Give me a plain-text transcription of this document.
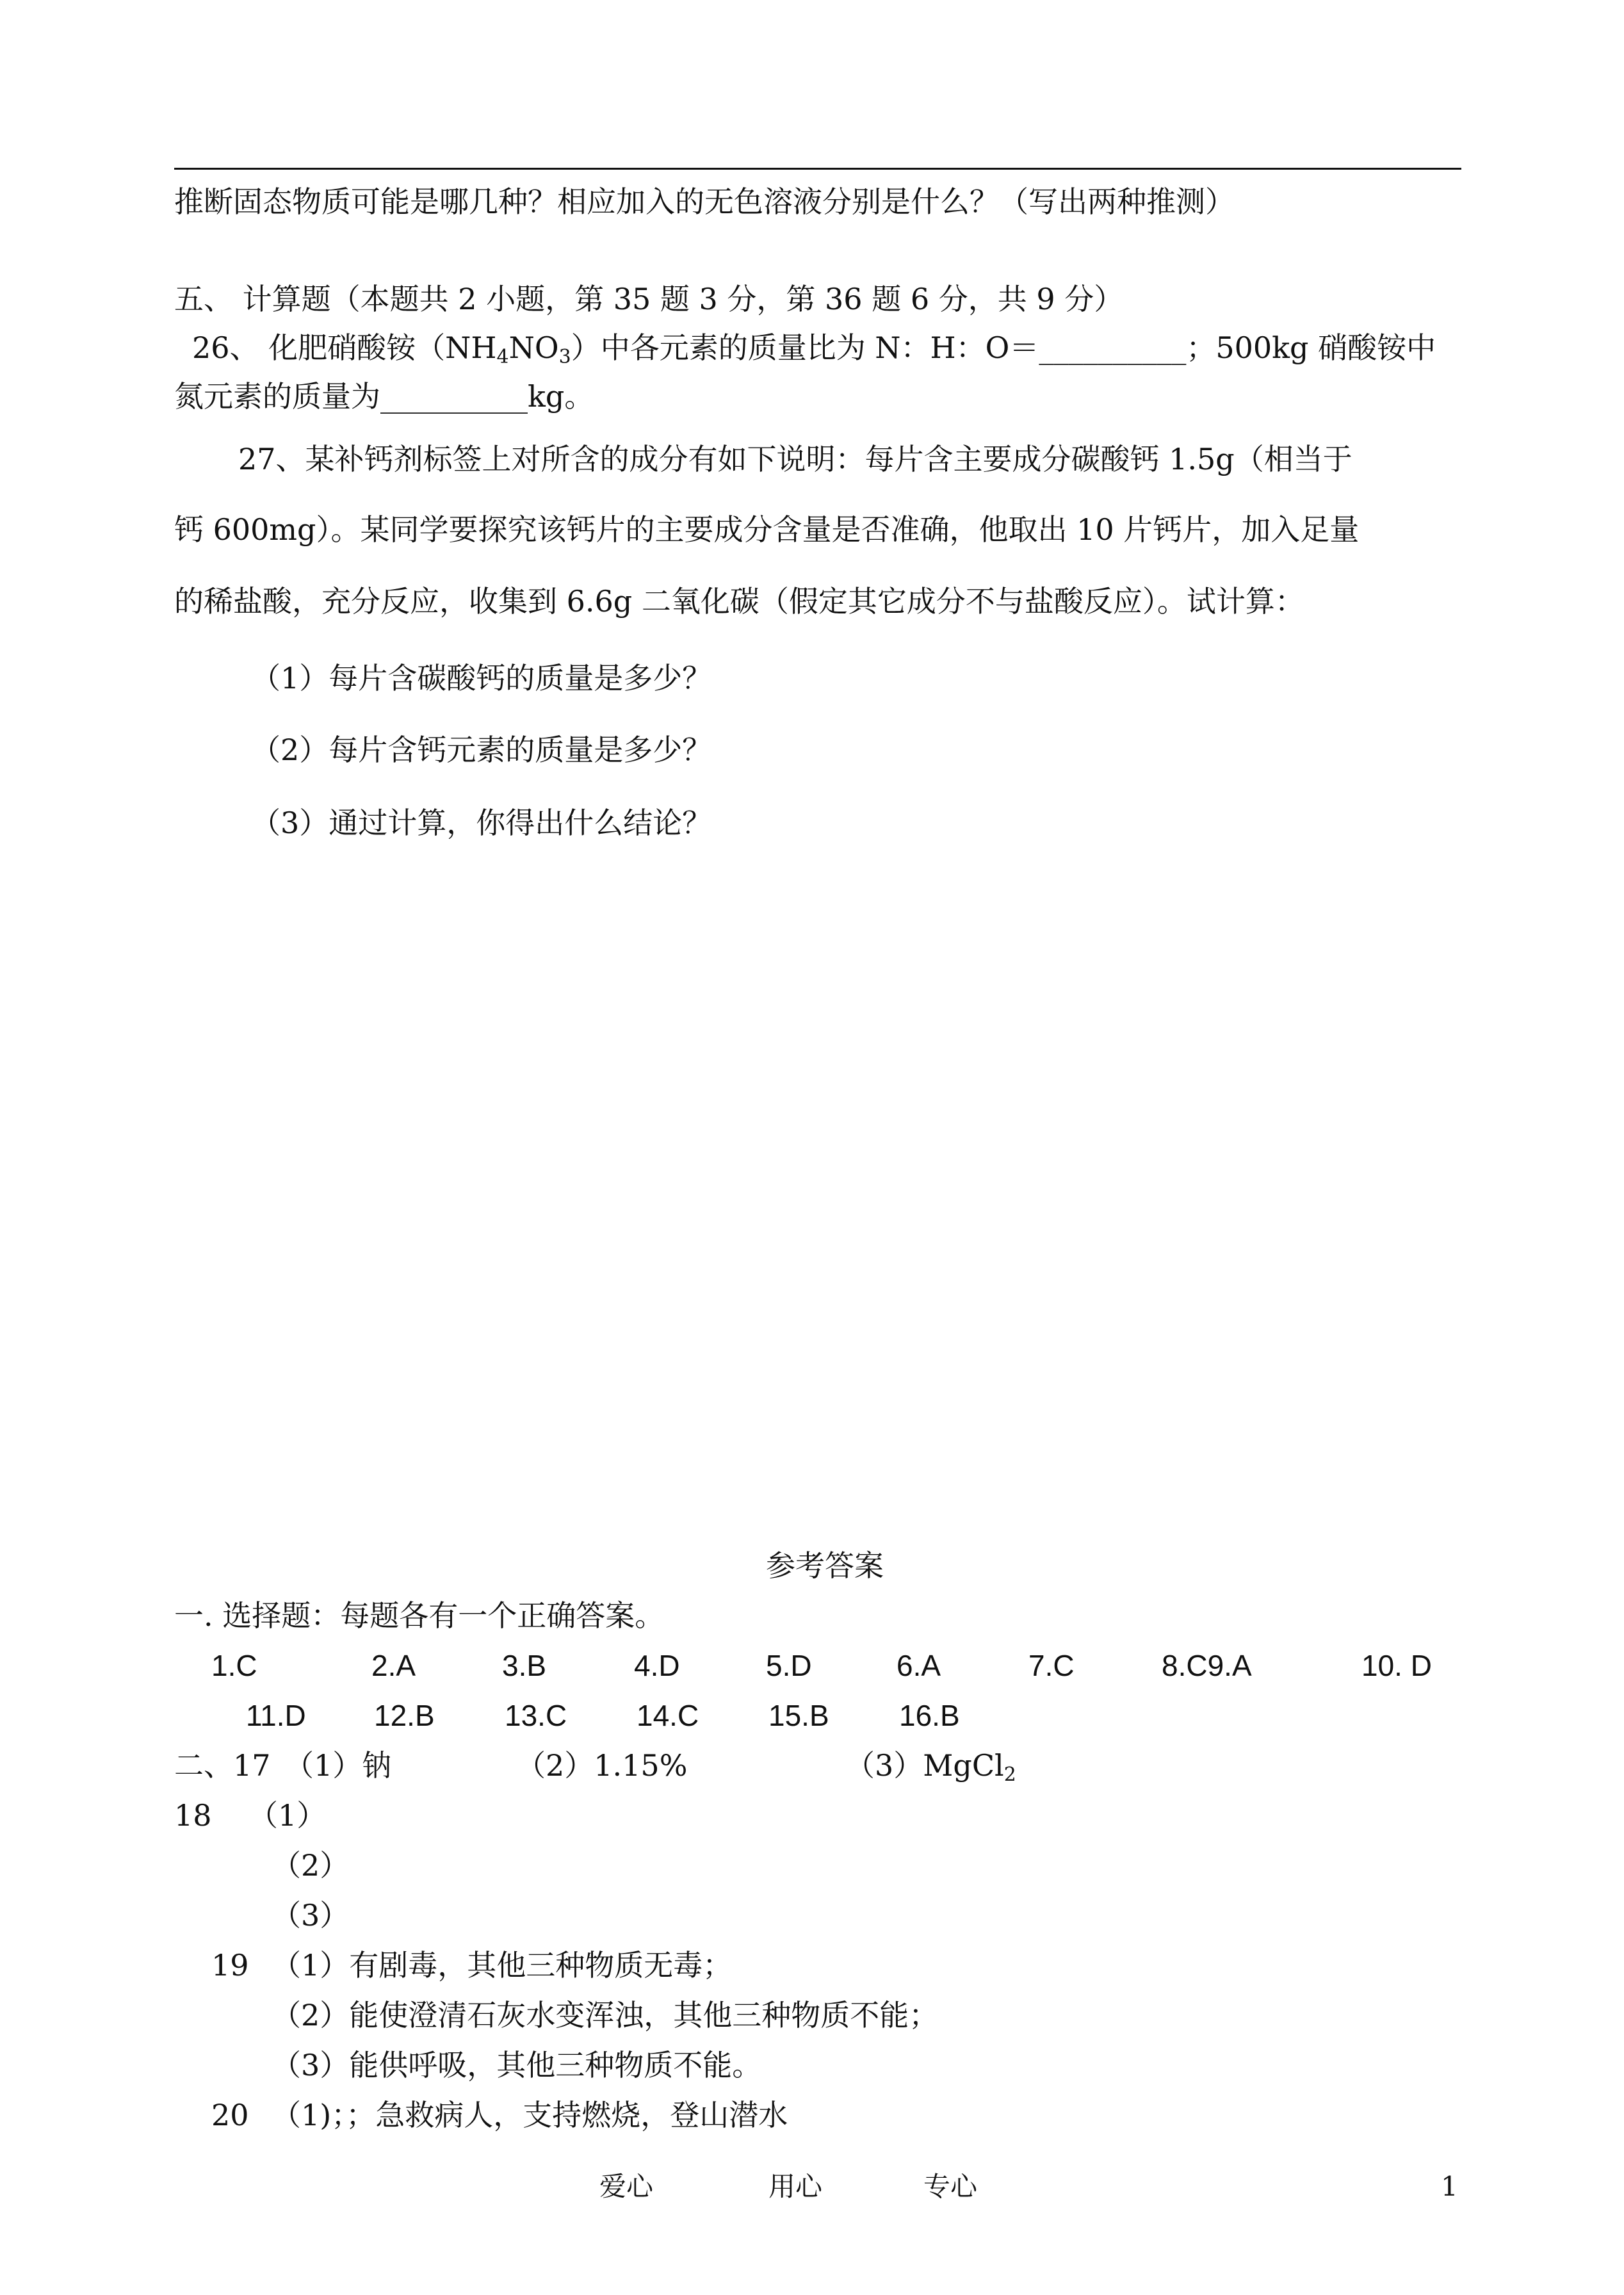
推断固态物质可能是哪几种？相应加入的无色溶液分别是什么？（写出两种推测）
五、 计算题（本题共 2 小题，第 35 题 3 分，第 36 题 6 分，共 9 分）
26、 化肥硝酸铵$(NH_4NO_3)$中各元素的质量比为 N：H：O＝__________；500kg 硝酸铵中
氮元素的质量为__________kg。
27、某补钙剂标签上对所含的成分有如下说明：每片含主要成分碳酸钙 1.5g（相当于
钙 600mg）。某同学要探究该钙片的主要成分含量是否准确，他取出 10 片钙片，加入足量
的稀盐酸，充分反应，收集到 6.6g 二氧化碳（假定其它成分不与盐酸反应）。试计算：
（1）每片含碳酸钙的质量是多少？
（2）每片含钙元素的质量是多少？
（3）通过计算，你得出什么结论？
参考答案
一. 选择题：每题各有一个正确答案。
1.C	2.A	3.B	4.D	5.D	6.A	7.C	8.C9.A	10. D
11.D 12.B 13.C 14.C 15.B 16.B
二、17 （1）钠	（2）1.15%	（3）MgCl$_2$
18 （1）
（2）
（3）
19 （1）有剧毒，其他三种物质无毒；
（2）能使澄清石灰水变浑浊，其他三种物质不能；
（3）能供呼吸，其他三种物质不能。
20 （1)；；急救病人，支持燃烧，登山潜水
爱心	用心	专心	1
